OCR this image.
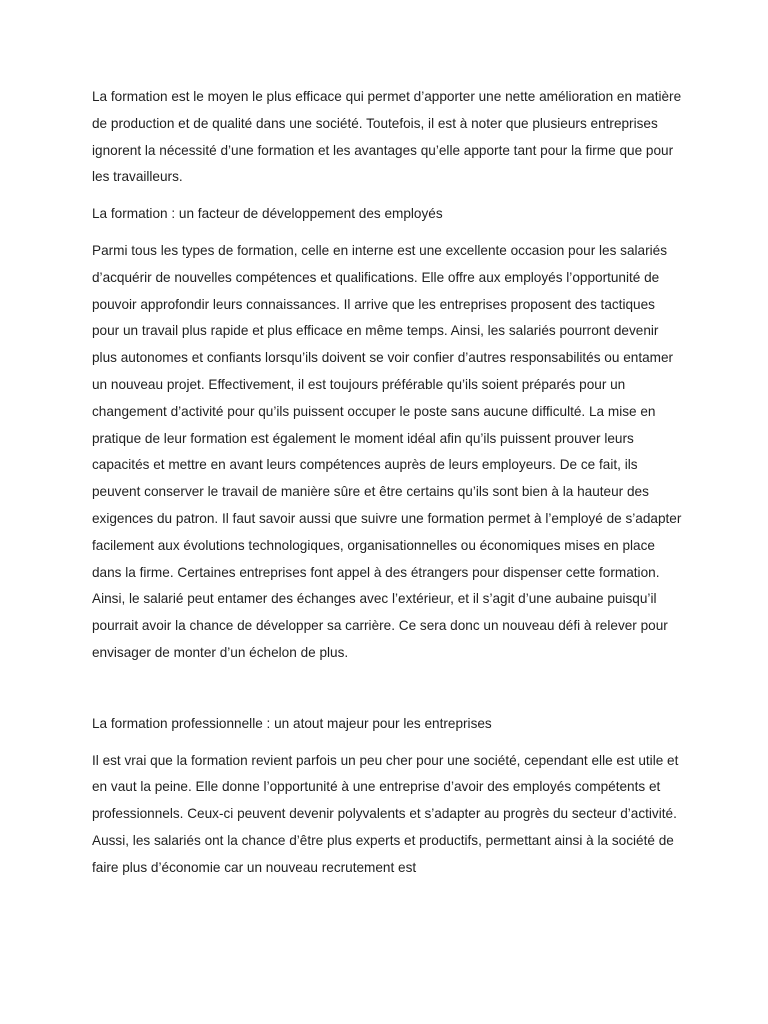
La formation est le moyen le plus efficace qui permet d’apporter une nette amélioration en matière de production et de qualité dans une société. Toutefois, il est à noter que plusieurs entreprises ignorent la nécessité d’une formation et les avantages qu’elle apporte tant pour la firme que pour les travailleurs.

La formation : un facteur de développement des employés

Parmi tous les types de formation, celle en interne est une excellente occasion pour les salariés d’acquérir de nouvelles compétences et qualifications. Elle offre aux employés l’opportunité de pouvoir approfondir leurs connaissances. Il arrive que les entreprises proposent des tactiques pour un travail plus rapide et plus efficace en même temps. Ainsi, les salariés pourront devenir plus autonomes et confiants lorsqu’ils doivent se voir confier d’autres responsabilités ou entamer un nouveau projet. Effectivement, il est toujours préférable qu’ils soient préparés pour un changement d’activité pour qu’ils puissent occuper le poste sans aucune difficulté. La mise en pratique de leur formation est également le moment idéal afin qu’ils puissent prouver leurs capacités et mettre en avant leurs compétences auprès de leurs employeurs. De ce fait, ils peuvent conserver le travail de manière sûre et être certains qu’ils sont bien à la hauteur des exigences du patron. Il faut savoir aussi que suivre une formation permet à l’employé de s’adapter facilement aux évolutions technologiques, organisationnelles ou économiques mises en place dans la firme. Certaines entreprises font appel à des étrangers pour dispenser cette formation. Ainsi, le salarié peut entamer des échanges avec l’extérieur, et il s’agit d’une aubaine puisqu’il pourrait avoir la chance de développer sa carrière. Ce sera donc un nouveau défi à relever pour envisager de monter d’un échelon de plus.

La formation professionnelle : un atout majeur pour les entreprises

Il est vrai que la formation revient parfois un peu cher pour une société, cependant elle est utile et en vaut la peine. Elle donne l’opportunité à une entreprise d’avoir des employés compétents et professionnels. Ceux-ci peuvent devenir polyvalents et s’adapter au progrès du secteur d’activité. Aussi, les salariés ont la chance d’être plus experts et productifs, permettant ainsi à la société de faire plus d’économie car un nouveau recrutement est
